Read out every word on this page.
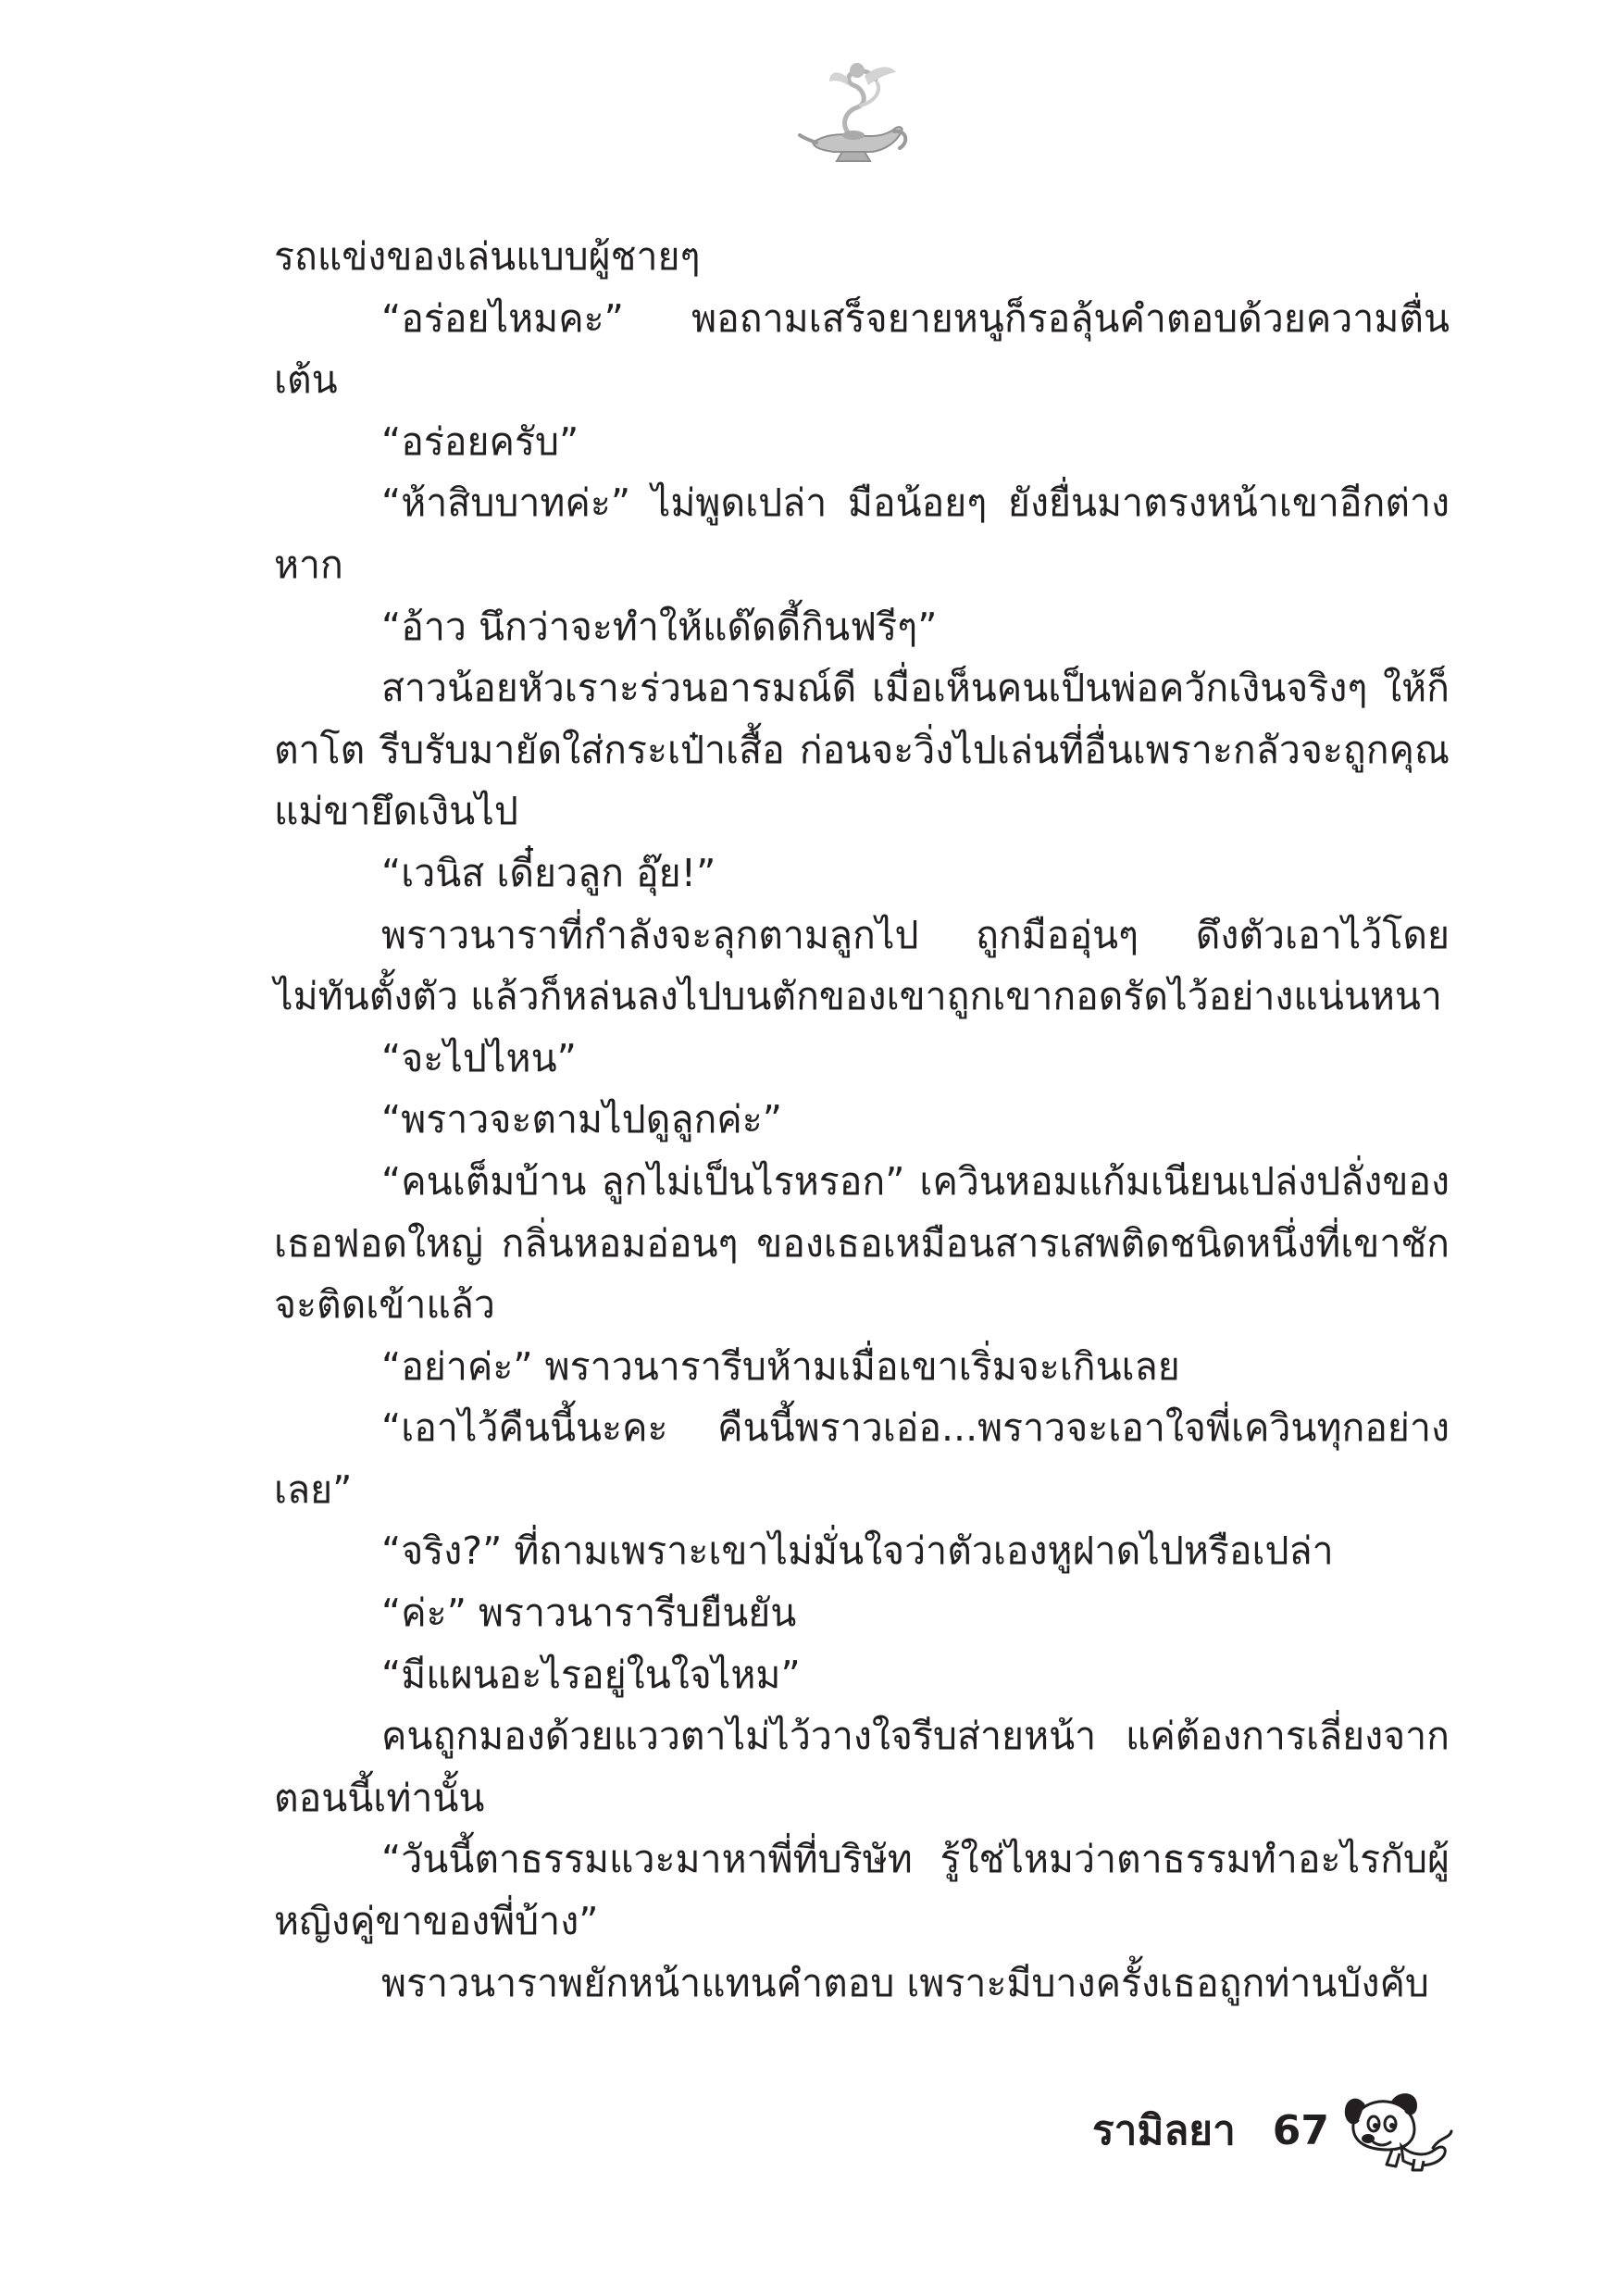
รถแข่งของเล่นแบบผู้ชายๆ

“อร่อยไหมคะ” พอถามเสร็จยายหนูก็รอลุ้นคำตอบด้วยความตื่นเต้น

“อร่อยครับ”

“ห้าสิบบาทค่ะ” ไม่พูดเปล่า มือน้อยๆ ยังยื่นมาตรงหน้าเขาอีกต่างหาก

“อ้าว นึกว่าจะทำให้แด๊ดดี้กินฟรีๆ”

สาวน้อยหัวเราะร่วนอารมณ์ดี เมื่อเห็นคนเป็นพ่อควักเงินจริงๆ ให้ก็ตาโต รีบรับมายัดใส่กระเป๋าเสื้อ ก่อนจะวิ่งไปเล่นที่อื่นเพราะกลัวจะถูกคุณแม่ขายึดเงินไป

“เวนิส เดี๋ยวลูก อุ๊ย!”

พราวนาราที่กำลังจะลุกตามลูกไป ถูกมืออุ่นๆ ดึงตัวเอาไว้โดยไม่ทันตั้งตัว แล้วก็หล่นลงไปบนตักของเขาถูกเขากอดรัดไว้อย่างแน่นหนา

“จะไปไหน”

“พราวจะตามไปดูลูกค่ะ”

“คนเต็มบ้าน ลูกไม่เป็นไรหรอก” เควินหอมแก้มเนียนเปล่งปลั่งของเธอฟอดใหญ่ กลิ่นหอมอ่อนๆ ของเธอเหมือนสารเสพติดชนิดหนึ่งที่เขาชักจะติดเข้าแล้ว

“อย่าค่ะ” พราวนารารีบห้ามเมื่อเขาเริ่มจะเกินเลย

“เอาไว้คืนนี้นะคะ คืนนี้พราวเอ่อ...พราวจะเอาใจพี่เควินทุกอย่างเลย”

“จริง?” ที่ถามเพราะเขาไม่มั่นใจว่าตัวเองหูฝาดไปหรือเปล่า

“ค่ะ” พราวนารารีบยืนยัน

“มีแผนอะไรอยู่ในใจไหม”

คนถูกมองด้วยแววตาไม่ไว้วางใจรีบส่ายหน้า แค่ต้องการเลี่ยงจากตอนนี้เท่านั้น

“วันนี้ตาธรรมแวะมาหาพี่ที่บริษัท รู้ใช่ไหมว่าตาธรรมทำอะไรกับผู้หญิงคู่ขาของพี่บ้าง”

พราวนาราพยักหน้าแทนคำตอบ เพราะมีบางครั้งเธอถูกท่านบังคับ

รามิลยา 67
